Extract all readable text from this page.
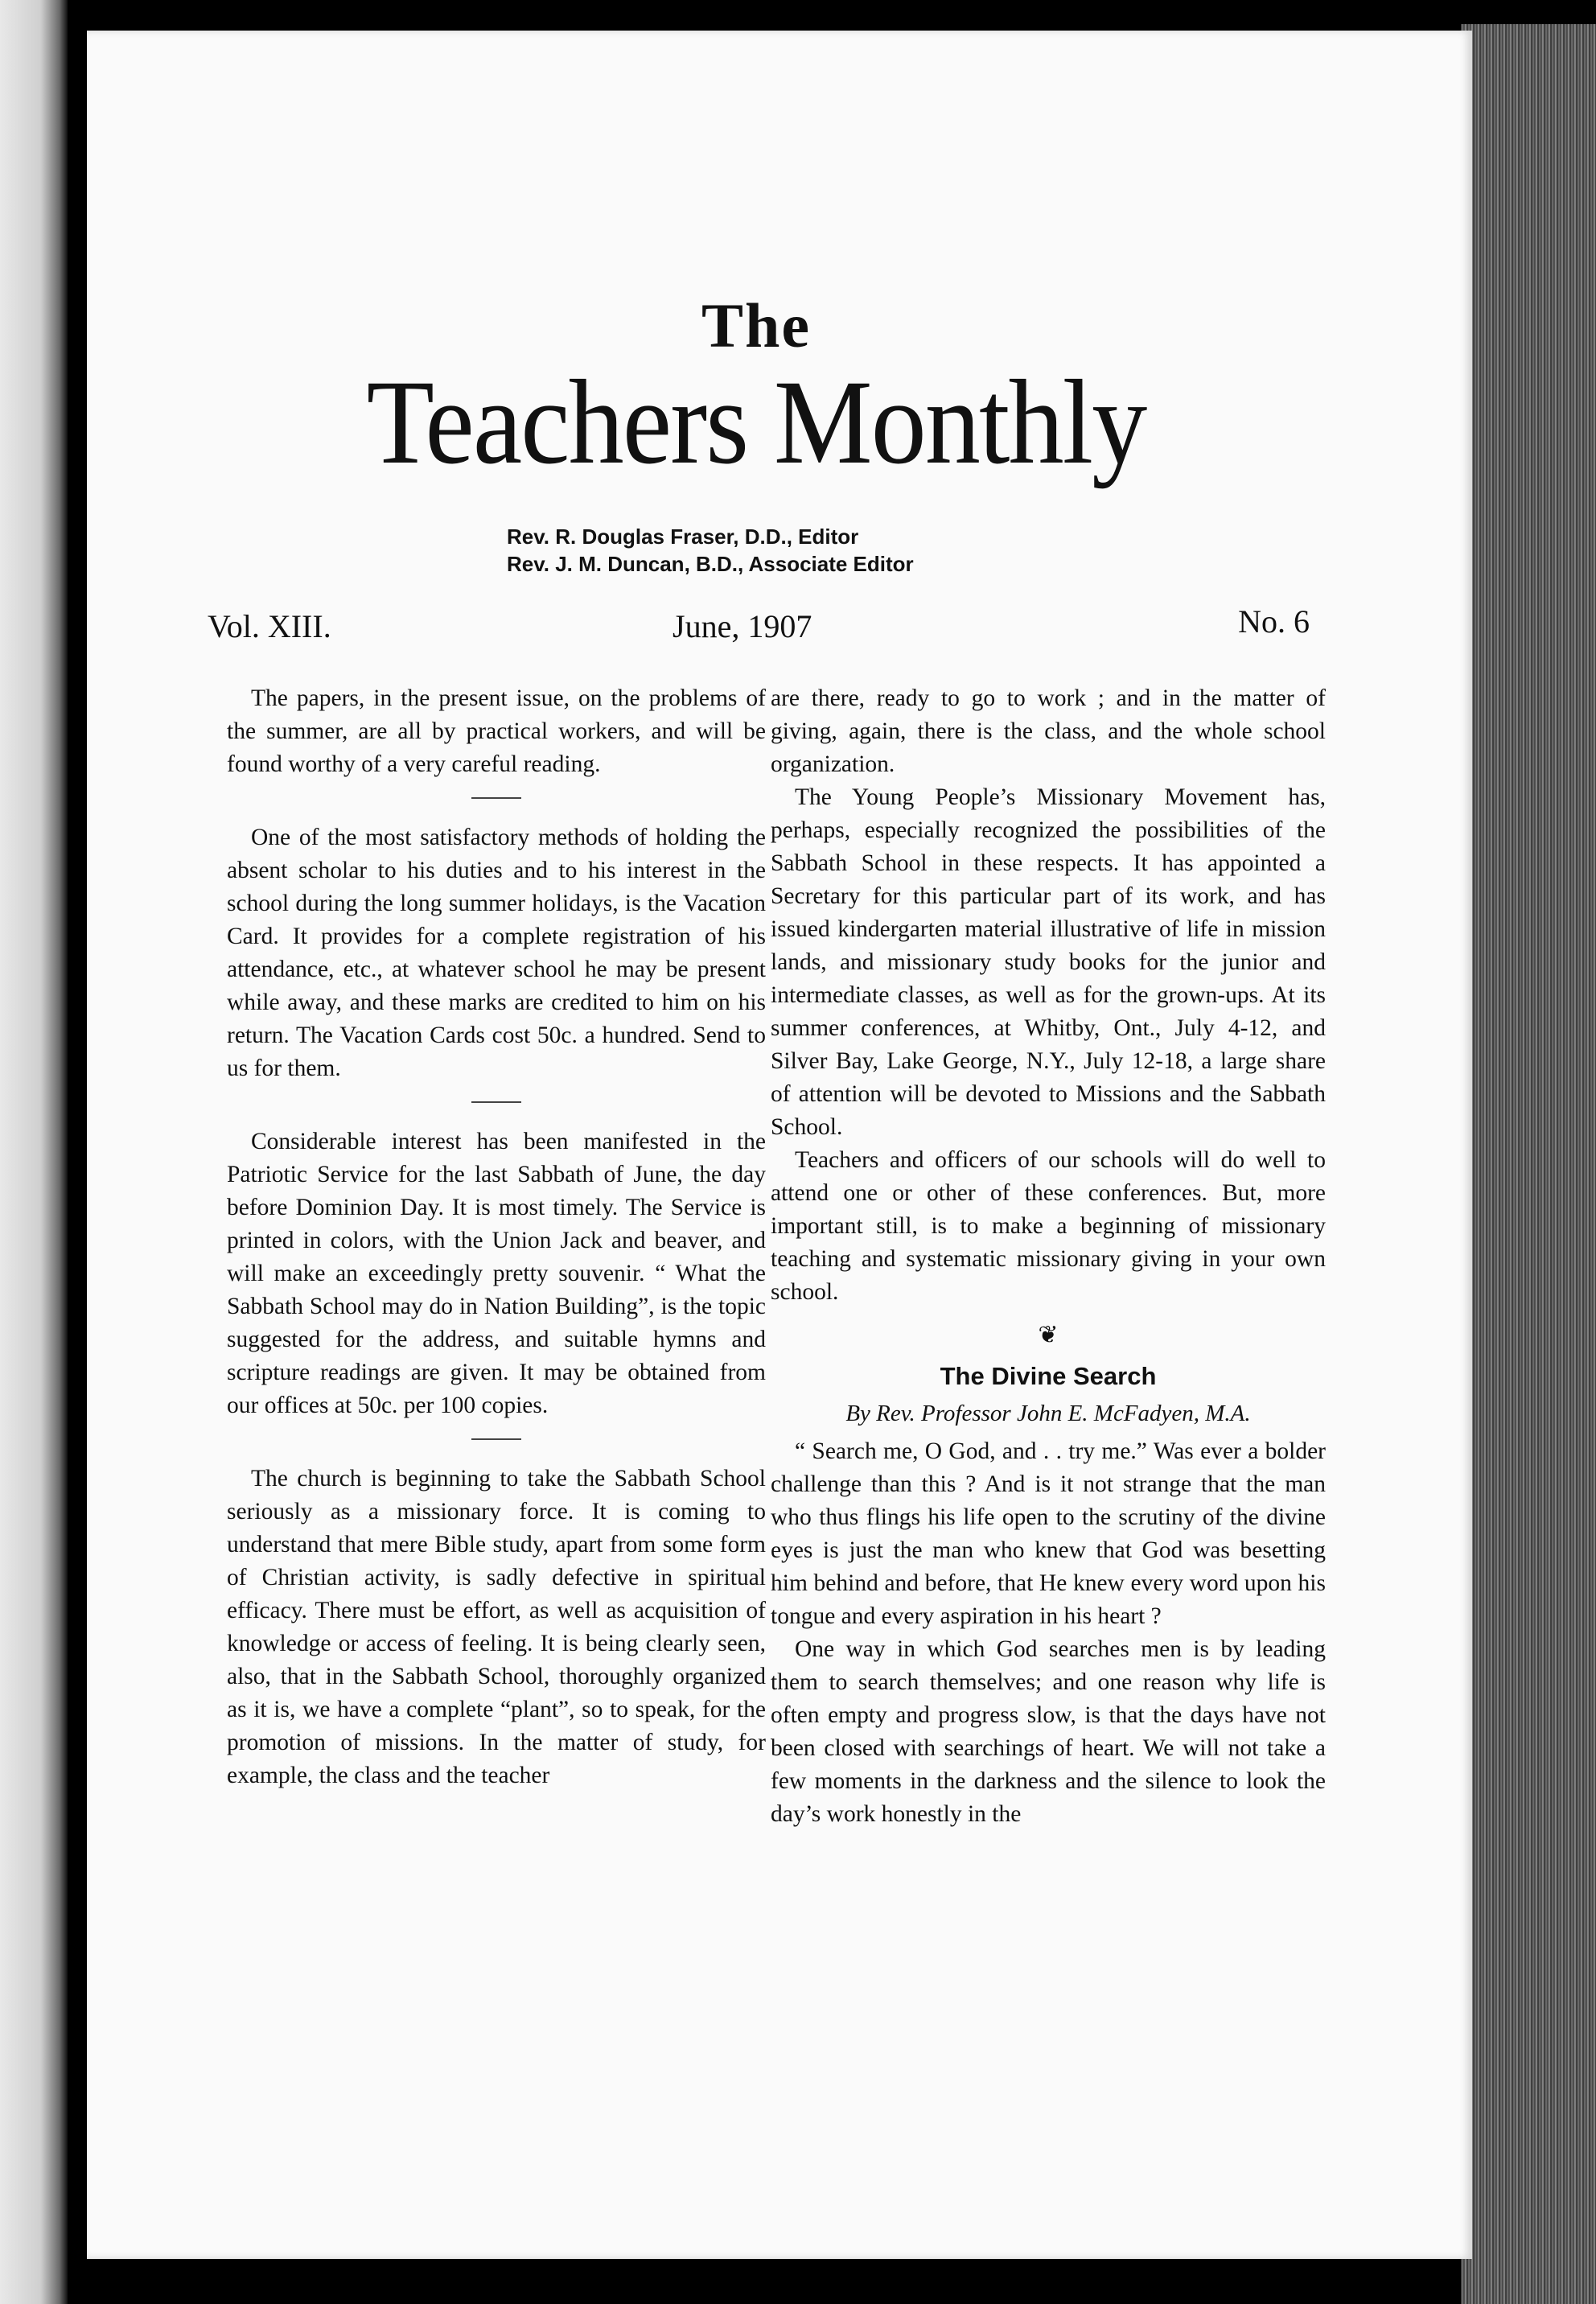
The
Teachers Monthly
Rev. R. Douglas Fraser, D.D., Editor
Rev. J. M. Duncan, B.D., Associate Editor
Vol. XIII.	June, 1907	No. 6

The papers, in the present issue, on the problems of the summer, are all by practical workers, and will be found worthy of a very careful reading.

One of the most satisfactory methods of holding the absent scholar to his duties and to his interest in the school during the long summer holidays, is the Vacation Card. It provides for a complete registration of his attendance, etc., at whatever school he may be present while away, and these marks are credited to him on his return. The Vacation Cards cost 50c. a hundred. Send to us for them.

Considerable interest has been manifested in the Patriotic Service for the last Sabbath of June, the day before Dominion Day. It is most timely. The Service is printed in colors, with the Union Jack and beaver, and will make an exceedingly pretty souvenir. “ What the Sabbath School may do in Nation Building”, is the topic suggested for the address, and suitable hymns and scripture readings are given. It may be obtained from our offices at 50c. per 100 copies.

The church is beginning to take the Sabbath School seriously as a missionary force. It is coming to understand that mere Bible study, apart from some form of Christian activity, is sadly defective in spiritual efficacy. There must be effort, as well as acquisition of knowledge or access of feeling. It is being clearly seen, also, that in the Sabbath School, thoroughly organized as it is, we have a complete “plant”, so to speak, for the promotion of missions. In the matter of study, for example, the class and the teacher

are there, ready to go to work ; and in the matter of giving, again, there is the class, and the whole school organization.

The Young People’s Missionary Movement has, perhaps, especially recognized the possibilities of the Sabbath School in these respects. It has appointed a Secretary for this particular part of its work, and has issued kindergarten material illustrative of life in mission lands, and missionary study books for the junior and intermediate classes, as well as for the grown-ups. At its summer conferences, at Whitby, Ont., July 4-12, and Silver Bay, Lake George, N.Y., July 12-18, a large share of attention will be devoted to Missions and the Sabbath School.

Teachers and officers of our schools will do well to attend one or other of these conferences. But, more important still, is to make a beginning of missionary teaching and systematic missionary giving in your own school.

❦
The Divine Search
By Rev. Professor John E. McFadyen, M.A.

“ Search me, O God, and . . try me.” Was ever a bolder challenge than this ? And is it not strange that the man who thus flings his life open to the scrutiny of the divine eyes is just the man who knew that God was besetting him behind and before, that He knew every word upon his tongue and every aspiration in his heart ?

One way in which God searches men is by leading them to search themselves; and one reason why life is often empty and progress slow, is that the days have not been closed with searchings of heart. We will not take a few moments in the darkness and the silence to look the day’s work honestly in the
